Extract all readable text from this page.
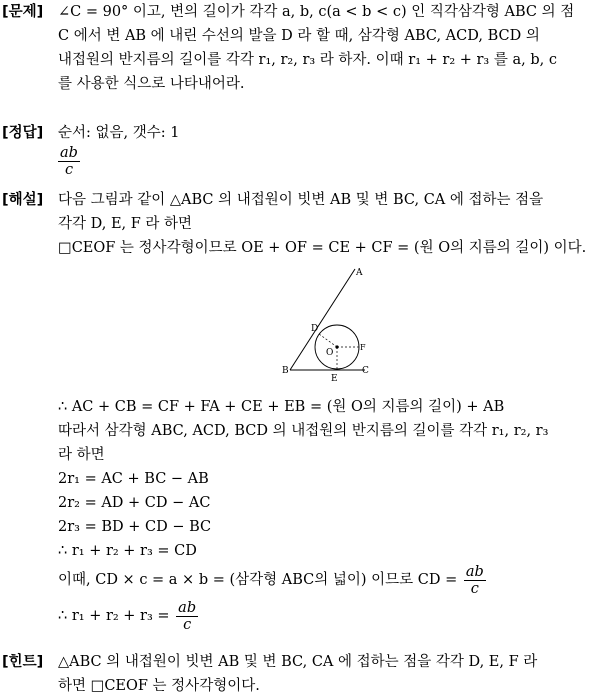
[문제] ∠C = 90° 이고, 변의 길이가 각각 a, b, c(a < b < c) 인 직각삼각형 ABC 의 점
C 에서 변 AB 에 내린 수선의 발을 D 라 할 때, 삼각형 ABC, ACD, BCD 의
내접원의 반지름의 길이를 각각 r₁, r₂, r₃ 라 하자. 이때 r₁ + r₂ + r₃ 를 a, b, c
를 사용한 식으로 나타내어라.
[정답] 순서: 없음, 갯수: 1
ab
c
[해설] 다음 그림과 같이 △ABC 의 내접원이 빗변 AB 및 변 BC, CA 에 접하는 점을
각각 D, E, F 라 하면
□CEOF 는 정사각형이므로 OE + OF = CE + CF = (원 O의 지름의 길이) 이다.
A
B	C
D
E
F
O
∴ AC + CB = CF + FA + CE + EB = (원 O의 지름의 길이) + AB
따라서 삼각형 ABC, ACD, BCD 의 내접원의 반지름의 길이를 각각 r₁, r₂, r₃
라 하면
2r₁ = AC + BC − AB
2r₂ = AD + CD − AC
2r₃ = BD + CD − BC
∴ r₁ + r₂ + r₃ = CD
이때, CD × c = a × b = (삼각형 ABC의 넓이) 이므로 CD = $\frac{ab}{c}$
∴ $r_1 + r_2 + r_3 = \frac{ab}{c}$
[힌트] △ABC 의 내접원이 빗변 AB 및 변 BC, CA 에 접하는 점을 각각 D, E, F 라
하면 □CEOF 는 정사각형이다.
